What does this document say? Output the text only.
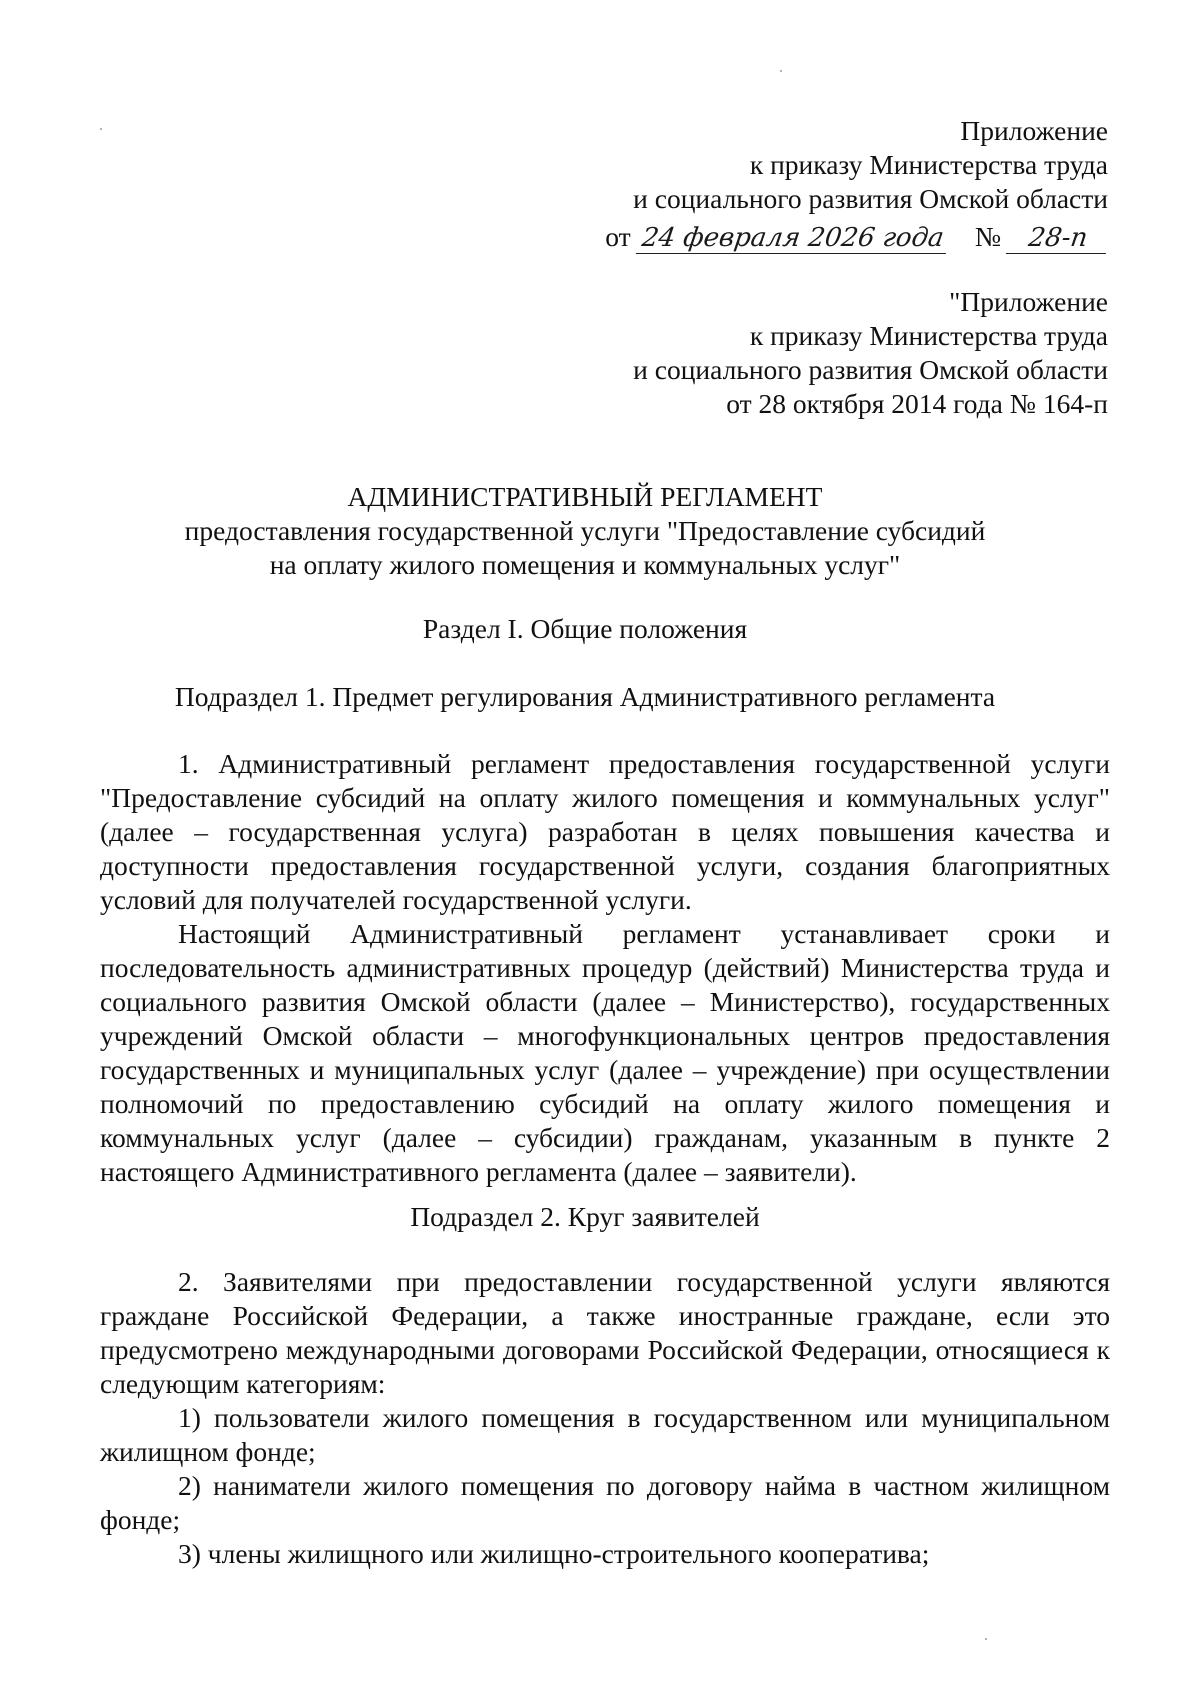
Приложение
к приказу Министерства труда
и социального развития Омской области
от 24 февраля 2026 года № 28-п
"Приложение
к приказу Министерства труда
и социального развития Омской области
от 28 октября 2014 года № 164-п
АДМИНИСТРАТИВНЫЙ РЕГЛАМЕНТ
предоставления государственной услуги "Предоставление субсидий
на оплату жилого помещения и коммунальных услуг"
Раздел I. Общие положения
Подраздел 1. Предмет регулирования Административного регламента
1. Административный регламент предоставления государственной услуги "Предоставление субсидий на оплату жилого помещения и коммунальных услуг" (далее – государственная услуга) разработан в целях повышения качества и доступности предоставления государственной услуги, создания благоприятных условий для получателей государственной услуги.
Настоящий Административный регламент устанавливает сроки и последовательность административных процедур (действий) Министерства труда и социального развития Омской области (далее – Министерство), государственных учреждений Омской области – многофункциональных центров предоставления государственных и муниципальных услуг (далее – учреждение) при осуществлении полномочий по предоставлению субсидий на оплату жилого помещения и коммунальных услуг (далее – субсидии) гражданам, указанным в пункте 2 настоящего Административного регламента (далее – заявители).
Подраздел 2. Круг заявителей
2. Заявителями при предоставлении государственной услуги являются граждане Российской Федерации, а также иностранные граждане, если это предусмотрено международными договорами Российской Федерации, относящиеся к следующим категориям:
1) пользователи жилого помещения в государственном или муниципальном жилищном фонде;
2) наниматели жилого помещения по договору найма в частном жилищном фонде;
3) члены жилищного или жилищно-строительного кооператива;
